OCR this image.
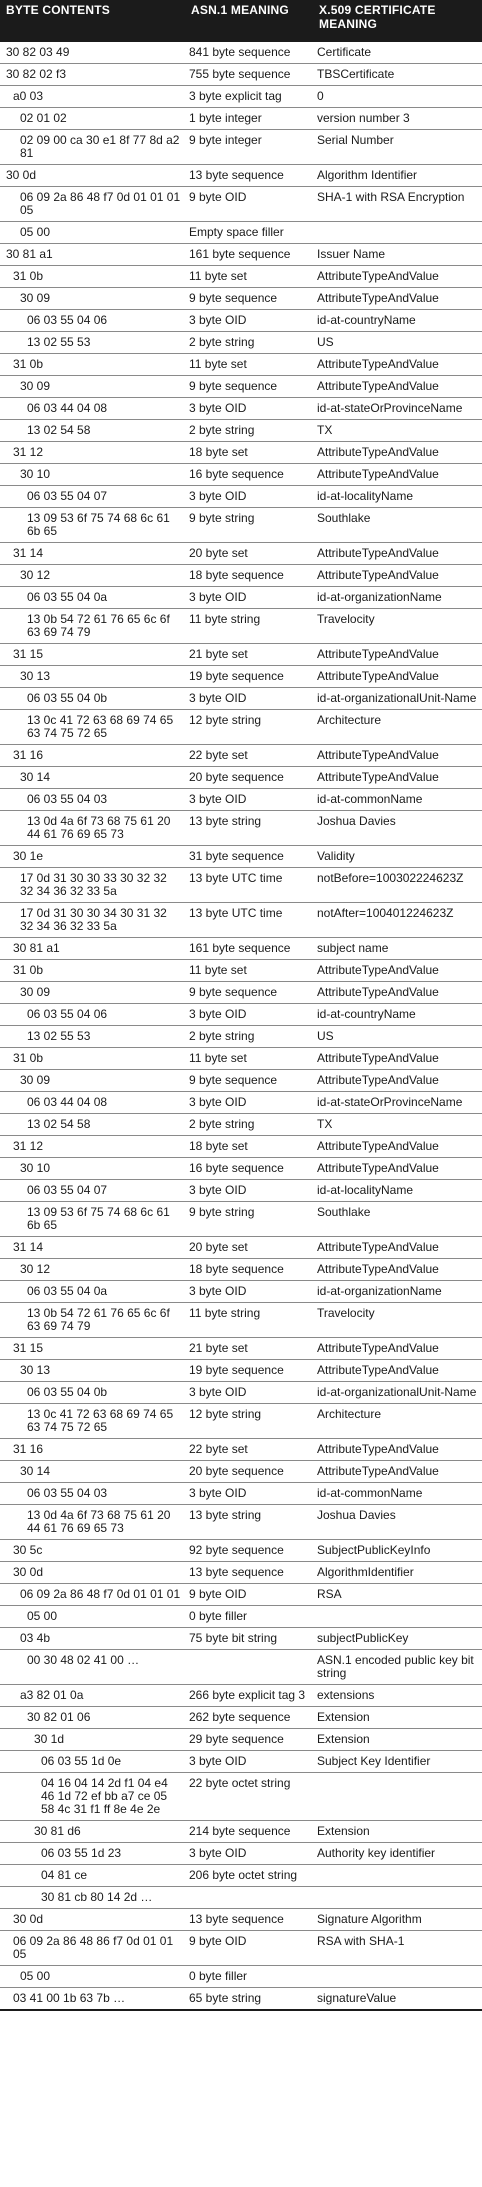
BYTE CONTENTS	ASN.1 MEANING	X.509 CERTIFICATE MEANING
30 82 03 49	841 byte sequence	Certificate
30 82 02 f3	755 byte sequence	TBSCertificate
a0 03	3 byte explicit tag	0
02 01 02	1 byte integer	version number 3
02 09 00 ca 30 e1 8f 77 8d a2 81	9 byte integer	Serial Number
30 0d	13 byte sequence	Algorithm Identifier
06 09 2a 86 48 f7 0d 01 01 01 05	9 byte OID	SHA-1 with RSA Encryption
05 00	Empty space filler	
30 81 a1	161 byte sequence	Issuer Name
31 0b	11 byte set	AttributeTypeAndValue
30 09	9 byte sequence	AttributeTypeAndValue
06 03 55 04 06	3 byte OID	id-at-countryName
13 02 55 53	2 byte string	US
31 0b	11 byte set	AttributeTypeAndValue
30 09	9 byte sequence	AttributeTypeAndValue
06 03 44 04 08	3 byte OID	id-at-stateOrProvinceName
13 02 54 58	2 byte string	TX
31 12	18 byte set	AttributeTypeAndValue
30 10	16 byte sequence	AttributeTypeAndValue
06 03 55 04 07	3 byte OID	id-at-localityName
13 09 53 6f 75 74 68 6c 61 6b 65	9 byte string	Southlake
31 14	20 byte set	AttributeTypeAndValue
30 12	18 byte sequence	AttributeTypeAndValue
06 03 55 04 0a	3 byte OID	id-at-organizationName
13 0b 54 72 61 76 65 6c 6f 63 69 74 79	11 byte string	Travelocity
31 15	21 byte set	AttributeTypeAndValue
30 13	19 byte sequence	AttributeTypeAndValue
06 03 55 04 0b	3 byte OID	id-at-organizationalUnit-Name
13 0c 41 72 63 68 69 74 65 63 74 75 72 65	12 byte string	Architecture
31 16	22 byte set	AttributeTypeAndValue
30 14	20 byte sequence	AttributeTypeAndValue
06 03 55 04 03	3 byte OID	id-at-commonName
13 0d 4a 6f 73 68 75 61 20 44 61 76 69 65 73	13 byte string	Joshua Davies
30 1e	31 byte sequence	Validity
17 0d 31 30 30 33 30 32 32 32 34 36 32 33 5a	13 byte UTC time	notBefore=100302224623Z
17 0d 31 30 30 34 30 31 32 32 34 36 32 33 5a	13 byte UTC time	notAfter=100401224623Z
30 81 a1	161 byte sequence	subject name
31 0b	11 byte set	AttributeTypeAndValue
30 09	9 byte sequence	AttributeTypeAndValue
06 03 55 04 06	3 byte OID	id-at-countryName
13 02 55 53	2 byte string	US
31 0b	11 byte set	AttributeTypeAndValue
30 09	9 byte sequence	AttributeTypeAndValue
06 03 44 04 08	3 byte OID	id-at-stateOrProvinceName
13 02 54 58	2 byte string	TX
31 12	18 byte set	AttributeTypeAndValue
30 10	16 byte sequence	AttributeTypeAndValue
06 03 55 04 07	3 byte OID	id-at-localityName
13 09 53 6f 75 74 68 6c 61 6b 65	9 byte string	Southlake
31 14	20 byte set	AttributeTypeAndValue
30 12	18 byte sequence	AttributeTypeAndValue
06 03 55 04 0a	3 byte OID	id-at-organizationName
13 0b 54 72 61 76 65 6c 6f 63 69 74 79	11 byte string	Travelocity
31 15	21 byte set	AttributeTypeAndValue
30 13	19 byte sequence	AttributeTypeAndValue
06 03 55 04 0b	3 byte OID	id-at-organizationalUnit-Name
13 0c 41 72 63 68 69 74 65 63 74 75 72 65	12 byte string	Architecture
31 16	22 byte set	AttributeTypeAndValue
30 14	20 byte sequence	AttributeTypeAndValue
06 03 55 04 03	3 byte OID	id-at-commonName
13 0d 4a 6f 73 68 75 61 20 44 61 76 69 65 73	13 byte string	Joshua Davies
30 5c	92 byte sequence	SubjectPublicKeyInfo
30 0d	13 byte sequence	AlgorithmIdentifier
06 09 2a 86 48 f7 0d 01 01 01	9 byte OID	RSA
05 00	0 byte filler	
03 4b	75 byte bit string	subjectPublicKey
00 30 48 02 41 00 …		ASN.1 encoded public key bit string
a3 82 01 0a	266 byte explicit tag 3	extensions
30 82 01 06	262 byte sequence	Extension
30 1d	29 byte sequence	Extension
06 03 55 1d 0e	3 byte OID	Subject Key Identifier
04 16 04 14 2d f1 04 e4 46 1d 72 ef bb a7 ce 05 58 4c 31 f1 ff 8e 4e 2e	22 byte octet string	
30 81 d6	214 byte sequence	Extension
06 03 55 1d 23	3 byte OID	Authority key identifier
04 81 ce	206 byte octet string	
30 81 cb 80 14 2d …		
30 0d	13 byte sequence	Signature Algorithm
06 09 2a 86 48 86 f7 0d 01 01 05	9 byte OID	RSA with SHA-1
05 00	0 byte filler	
03 41 00 1b 63 7b …	65 byte string	signatureValue
